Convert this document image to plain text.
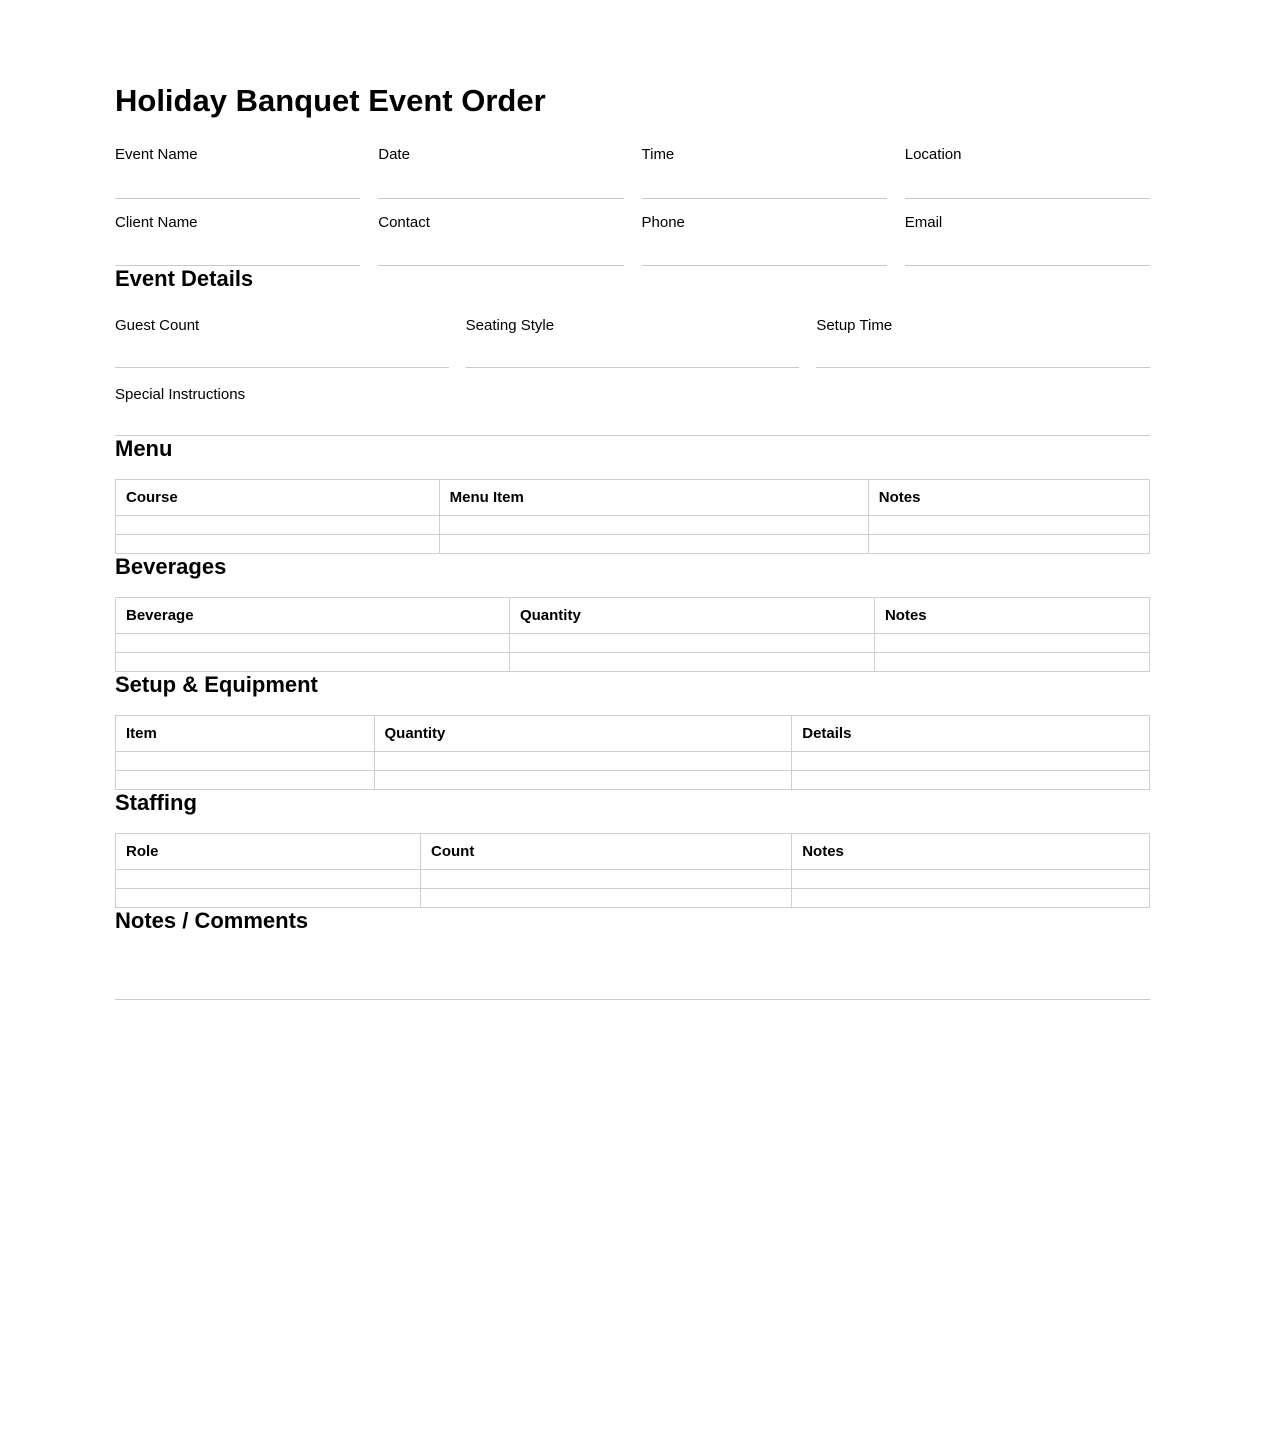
Holiday Banquet Event Order
Event Name	Date	Time	Location
Client Name	Contact	Phone	Email
Event Details
Guest Count	Seating Style	Setup Time
Special Instructions
Menu
Course	Menu Item	Notes

Beverages
Beverage	Quantity	Notes

Setup & Equipment
Item	Quantity	Details

Staffing
Role	Count	Notes

Notes / Comments
